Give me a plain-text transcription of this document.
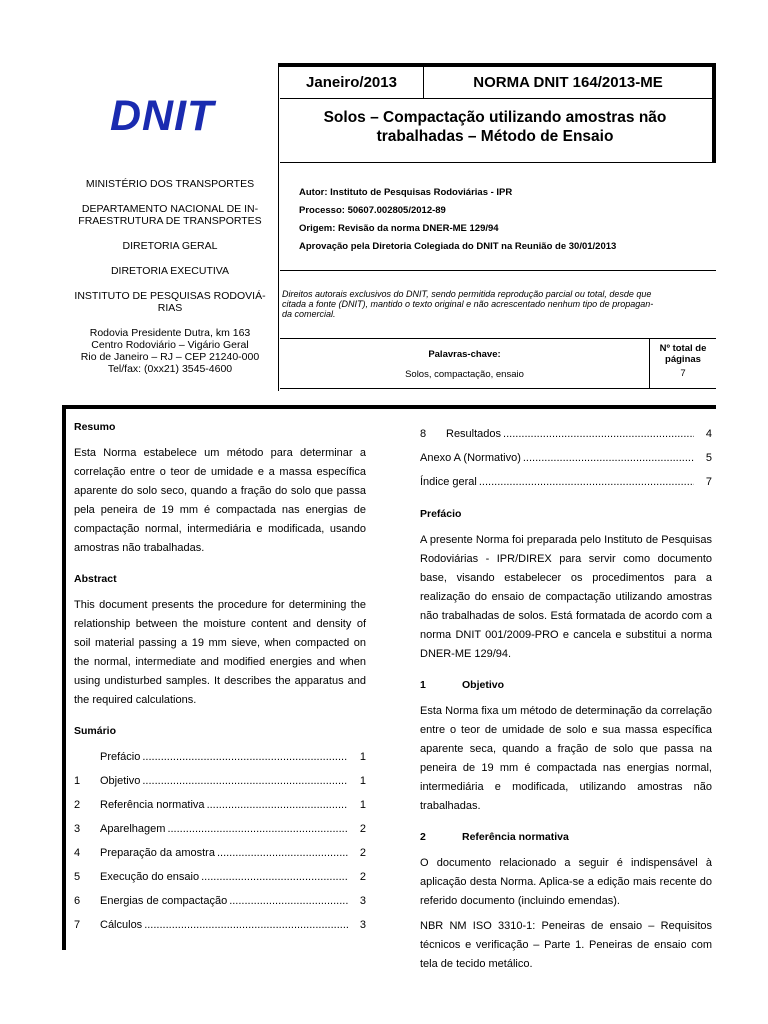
DNIT
MINISTÉRIO DOS TRANSPORTES
DEPARTAMENTO NACIONAL DE IN-
FRAESTRUTURA DE TRANSPORTES
DIRETORIA GERAL
DIRETORIA EXECUTIVA
INSTITUTO DE PESQUISAS RODOVIÁ-
RIAS
Rodovia Presidente Dutra, km 163
Centro Rodoviário – Vigário Geral
Rio de Janeiro – RJ – CEP 21240-000
Tel/fax: (0xx21) 3545-4600
Janeiro/2013	NORMA DNIT 164/2013-ME
Solos – Compactação utilizando amostras não
trabalhadas – Método de Ensaio
Autor: Instituto de Pesquisas Rodoviárias - IPR
Processo: 50607.002805/2012-89
Origem: Revisão da norma DNER-ME 129/94
Aprovação pela Diretoria Colegiada do DNIT na Reunião de 30/01/2013
Direitos autorais exclusivos do DNIT, sendo permitida reprodução parcial ou total, desde que
citada a fonte (DNIT), mantido o texto original e não acrescentado nenhum tipo de propagan-
da comercial.
Palavras-chave:
Solos, compactação, ensaio
Nº total de
páginas
7
Resumo
Esta Norma estabelece um método para determinar a correlação entre o teor de umidade e a massa específica aparente do solo seco, quando a fração do solo que passa pela peneira de 19 mm é compactada nas energias de compactação normal, intermediária e modificada, usando amostras não trabalhadas.
Abstract
This document presents the procedure for determining the relationship between the moisture content and density of soil material passing a 19 mm sieve, when compacted on the normal, intermediate and modified energies and when using undisturbed samples. It describes the apparatus and the required calculations.
Sumário
Prefácio .....	1
1	Objetivo .....	1
2	Referência normativa .....	1
3	Aparelhagem .....	2
4	Preparação da amostra .....	2
5	Execução do ensaio .....	2
6	Energias de compactação .....	3
7	Cálculos .....	3
8	Resultados .....	4
Anexo A (Normativo) .....	5
Índice geral .....	7
Prefácio
A presente Norma foi preparada pelo Instituto de Pesquisas Rodoviárias - IPR/DIREX para servir como documento base, visando estabelecer os procedimentos para a realização do ensaio de compactação utilizando amostras não trabalhadas de solos. Está formatada de acordo com a norma DNIT 001/2009-PRO e cancela e substitui a norma DNER-ME 129/94.
1	Objetivo
Esta Norma fixa um método de determinação da correlação entre o teor de umidade de solo e sua massa específica aparente seca, quando a fração de solo que passa na peneira de 19 mm é compactada nas energias normal, intermediária e modificada, utilizando amostras não trabalhadas.
2	Referência normativa
O documento relacionado a seguir é indispensável à aplicação desta Norma. Aplica-se a edição mais recente do referido documento (incluindo emendas).
NBR NM ISO 3310-1: Peneiras de ensaio – Requisitos técnicos e verificação – Parte 1. Peneiras de ensaio com tela de tecido metálico.
